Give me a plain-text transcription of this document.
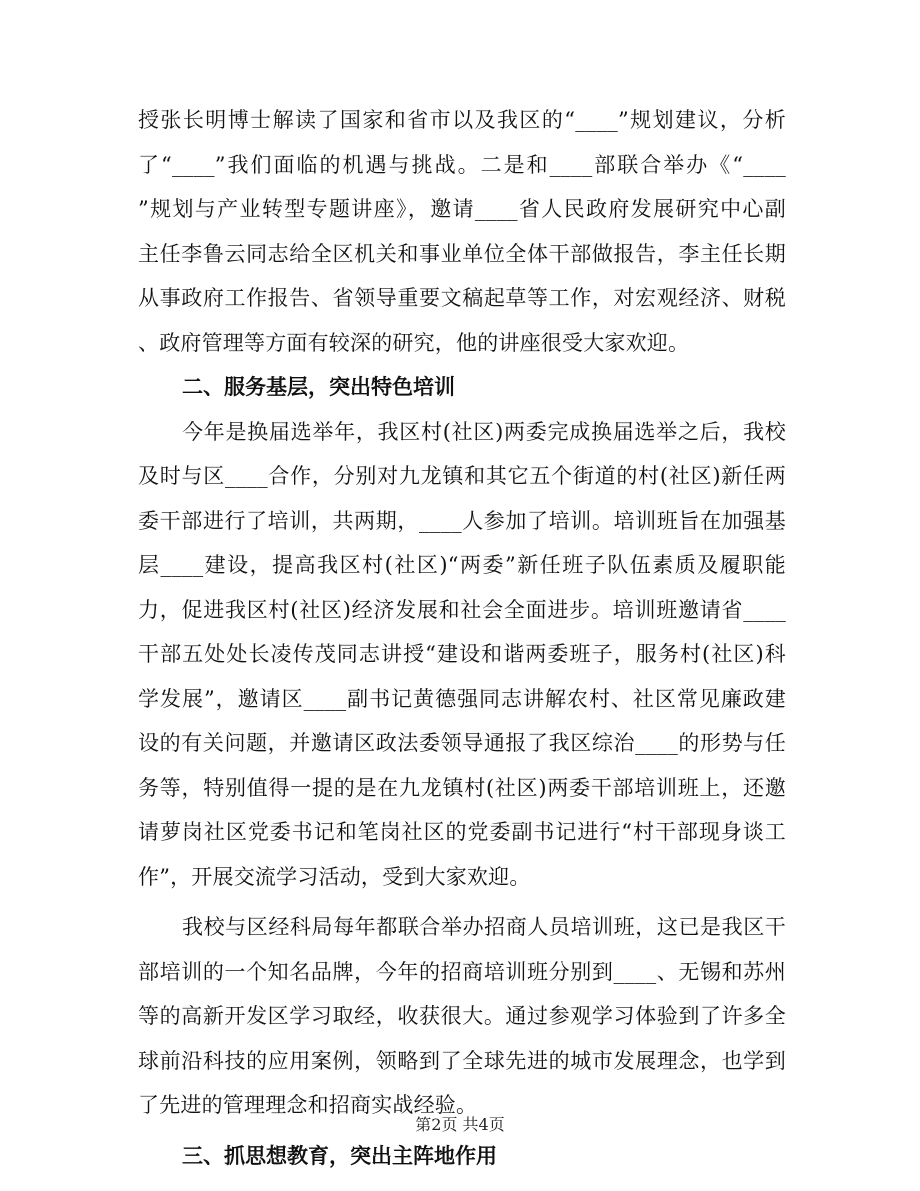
授张长明博士解读了国家和省市以及我区的“____”规划建议，分析
了“____”我们面临的机遇与挑战。二是和____部联合举办《“____
”规划与产业转型专题讲座》，邀请____省人民政府发展研究中心副
主任李鲁云同志给全区机关和事业单位全体干部做报告，李主任长期
从事政府工作报告、省领导重要文稿起草等工作，对宏观经济、财税
、政府管理等方面有较深的研究，他的讲座很受大家欢迎。
二、服务基层，突出特色培训
今年是换届选举年，我区村(社区)两委完成换届选举之后，我校
及时与区____合作，分别对九龙镇和其它五个街道的村(社区)新任两
委干部进行了培训，共两期，____人参加了培训。培训班旨在加强基
层____建设，提高我区村(社区)“两委”新任班子队伍素质及履职能
力，促进我区村(社区)经济发展和社会全面进步。培训班邀请省____
干部五处处长凌传茂同志讲授“建设和谐两委班子，服务村(社区)科
学发展”，邀请区____副书记黄德强同志讲解农村、社区常见廉政建
设的有关问题，并邀请区政法委领导通报了我区综治____的形势与任
务等，特别值得一提的是在九龙镇村(社区)两委干部培训班上，还邀
请萝岗社区党委书记和笔岗社区的党委副书记进行“村干部现身谈工
作”，开展交流学习活动，受到大家欢迎。
我校与区经科局每年都联合举办招商人员培训班，这已是我区干
部培训的一个知名品牌，今年的招商培训班分别到____、无锡和苏州
等的高新开发区学习取经，收获很大。通过参观学习体验到了许多全
球前沿科技的应用案例，领略到了全球先进的城市发展理念，也学到
了先进的管理理念和招商实战经验。
三、抓思想教育，突出主阵地作用
第2页 共4页
